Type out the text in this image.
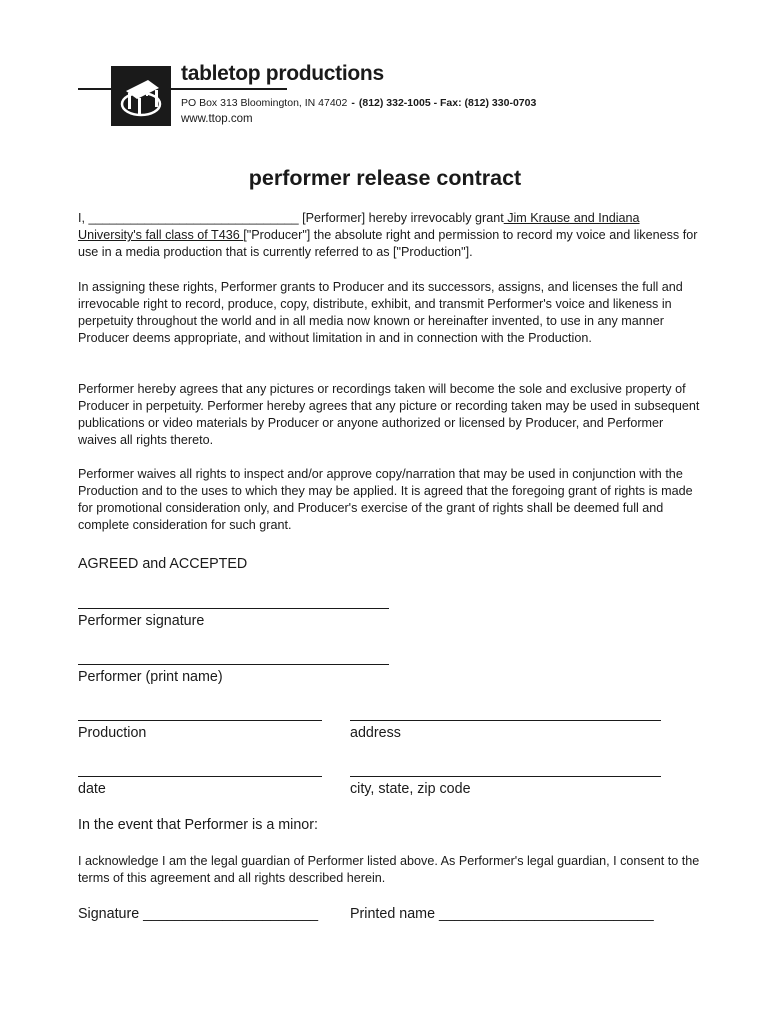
tabletop productions
PO Box 313 Bloomington, IN 47402 - (812) 332-1005 - Fax: (812) 330-0703
www.ttop.com
performer release contract

I, ______________________________ [Performer] hereby irrevocably grant Jim Krause and Indiana University's fall class of T436 ["Producer"] the absolute right and permission to record my voice and likeness for use in a media production that is currently referred to as ["Production"].

In assigning these rights, Performer grants to Producer and its successors, assigns, and licenses the full and irrevocable right to record, produce, copy, distribute, exhibit, and transmit Performer's voice and likeness in perpetuity throughout the world and in all media now known or hereinafter invented, to use in any manner Producer deems appropriate, and without limitation in and in connection with the Production.

Performer hereby agrees that any pictures or recordings taken will become the sole and exclusive property of Producer in perpetuity. Performer hereby agrees that any picture or recording taken may be used in subsequent publications or video materials by Producer or anyone authorized or licensed by Producer, and Performer waives all rights thereto.

Performer waives all rights to inspect and/or approve copy/narration that may be used in conjunction with the Production and to the uses to which they may be applied. It is agreed that the foregoing grant of rights is made for promotional consideration only, and Producer's exercise of the grant of rights shall be deemed full and complete consideration for such grant.

AGREED and ACCEPTED
Performer signature
Performer (print name)
Production	address
date	city, state, zip code
In the event that Performer is a minor:

I acknowledge I am the legal guardian of Performer listed above. As Performer's legal guardian, I consent to the terms of this agreement and all rights described herein.

Signature ______________________ Printed name ___________________________
